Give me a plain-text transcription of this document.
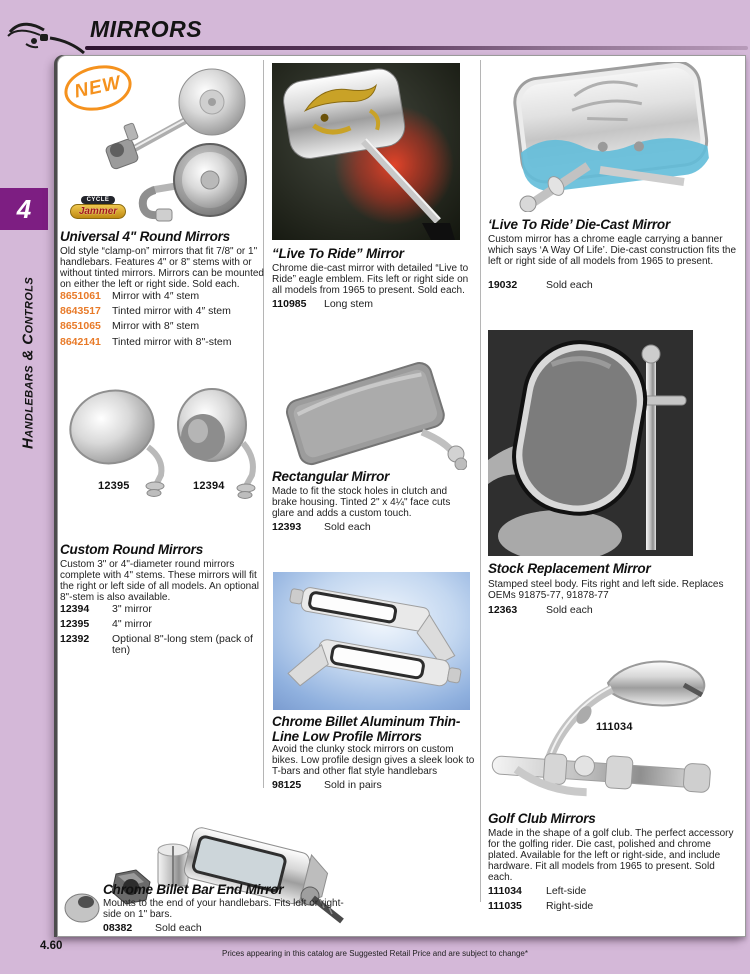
MIRRORS
4
Handlebars & Controls
NEW
CYCLE
Jammer
Universal 4" Round Mirrors
Old style “clamp-on” mirrors that fit 7/8" or 1" handlebars. Features 4" or 8" stems with or without tinted mirrors. Mirrors can be mounted on either the left or right side. Sold each.
8651061	Mirror with 4″ stem
8643517	Tinted mirror with 4″ stem
8651065	Mirror with 8″ stem
8642141	Tinted mirror with 8"-stem
12395	12394
Custom Round Mirrors
Custom 3" or 4"-diameter round mirrors complete with 4" stems. These mirrors will fit the right or left side of all models. An optional 8"-stem is also available.
12394	3" mirror
12395	4" mirror
12392	Optional 8"-long stem (pack of ten)
Chrome Billet Bar End Mirror
Mounts to the end of your handlebars. Fits left or right-side on 1" bars.
08382	Sold each
“Live To Ride” Mirror
Chrome die-cast mirror with detailed “Live to Ride” eagle emblem. Fits left or right side on all models from 1965 to present. Sold each.
110985	Long stem
Rectangular Mirror
Made to fit the stock holes in clutch and brake housing. Tinted 2" x 4¼" face cuts glare and adds a custom touch.
12393	Sold each
Chrome Billet Aluminum Thin-Line Low Profile Mirrors
Avoid the clunky stock mirrors on custom bikes. Low profile design gives a sleek look to T-bars and other flat style handlebars
98125	Sold in pairs
‘Live To Ride’ Die-Cast Mirror
Custom mirror has a chrome eagle carrying a banner which says ‘A Way Of Life’. Die-cast construction fits the left or right side of all models from 1965 to present.
19032	Sold each
Stock Replacement Mirror
Stamped steel body. Fits right and left side. Replaces OEMs 91875-77, 91878-77
12363	Sold each
111034
Golf Club Mirrors
Made in the shape of a golf club. The perfect accessory for the golfing rider. Die cast, polished and chrome plated. Available for the left or right-side, and include hardware. Fit all models from 1965 to present. Sold each.
111034	Left-side
111035	Right-side
4.60
Prices appearing in this catalog are Suggested Retail Price and are subject to change*
